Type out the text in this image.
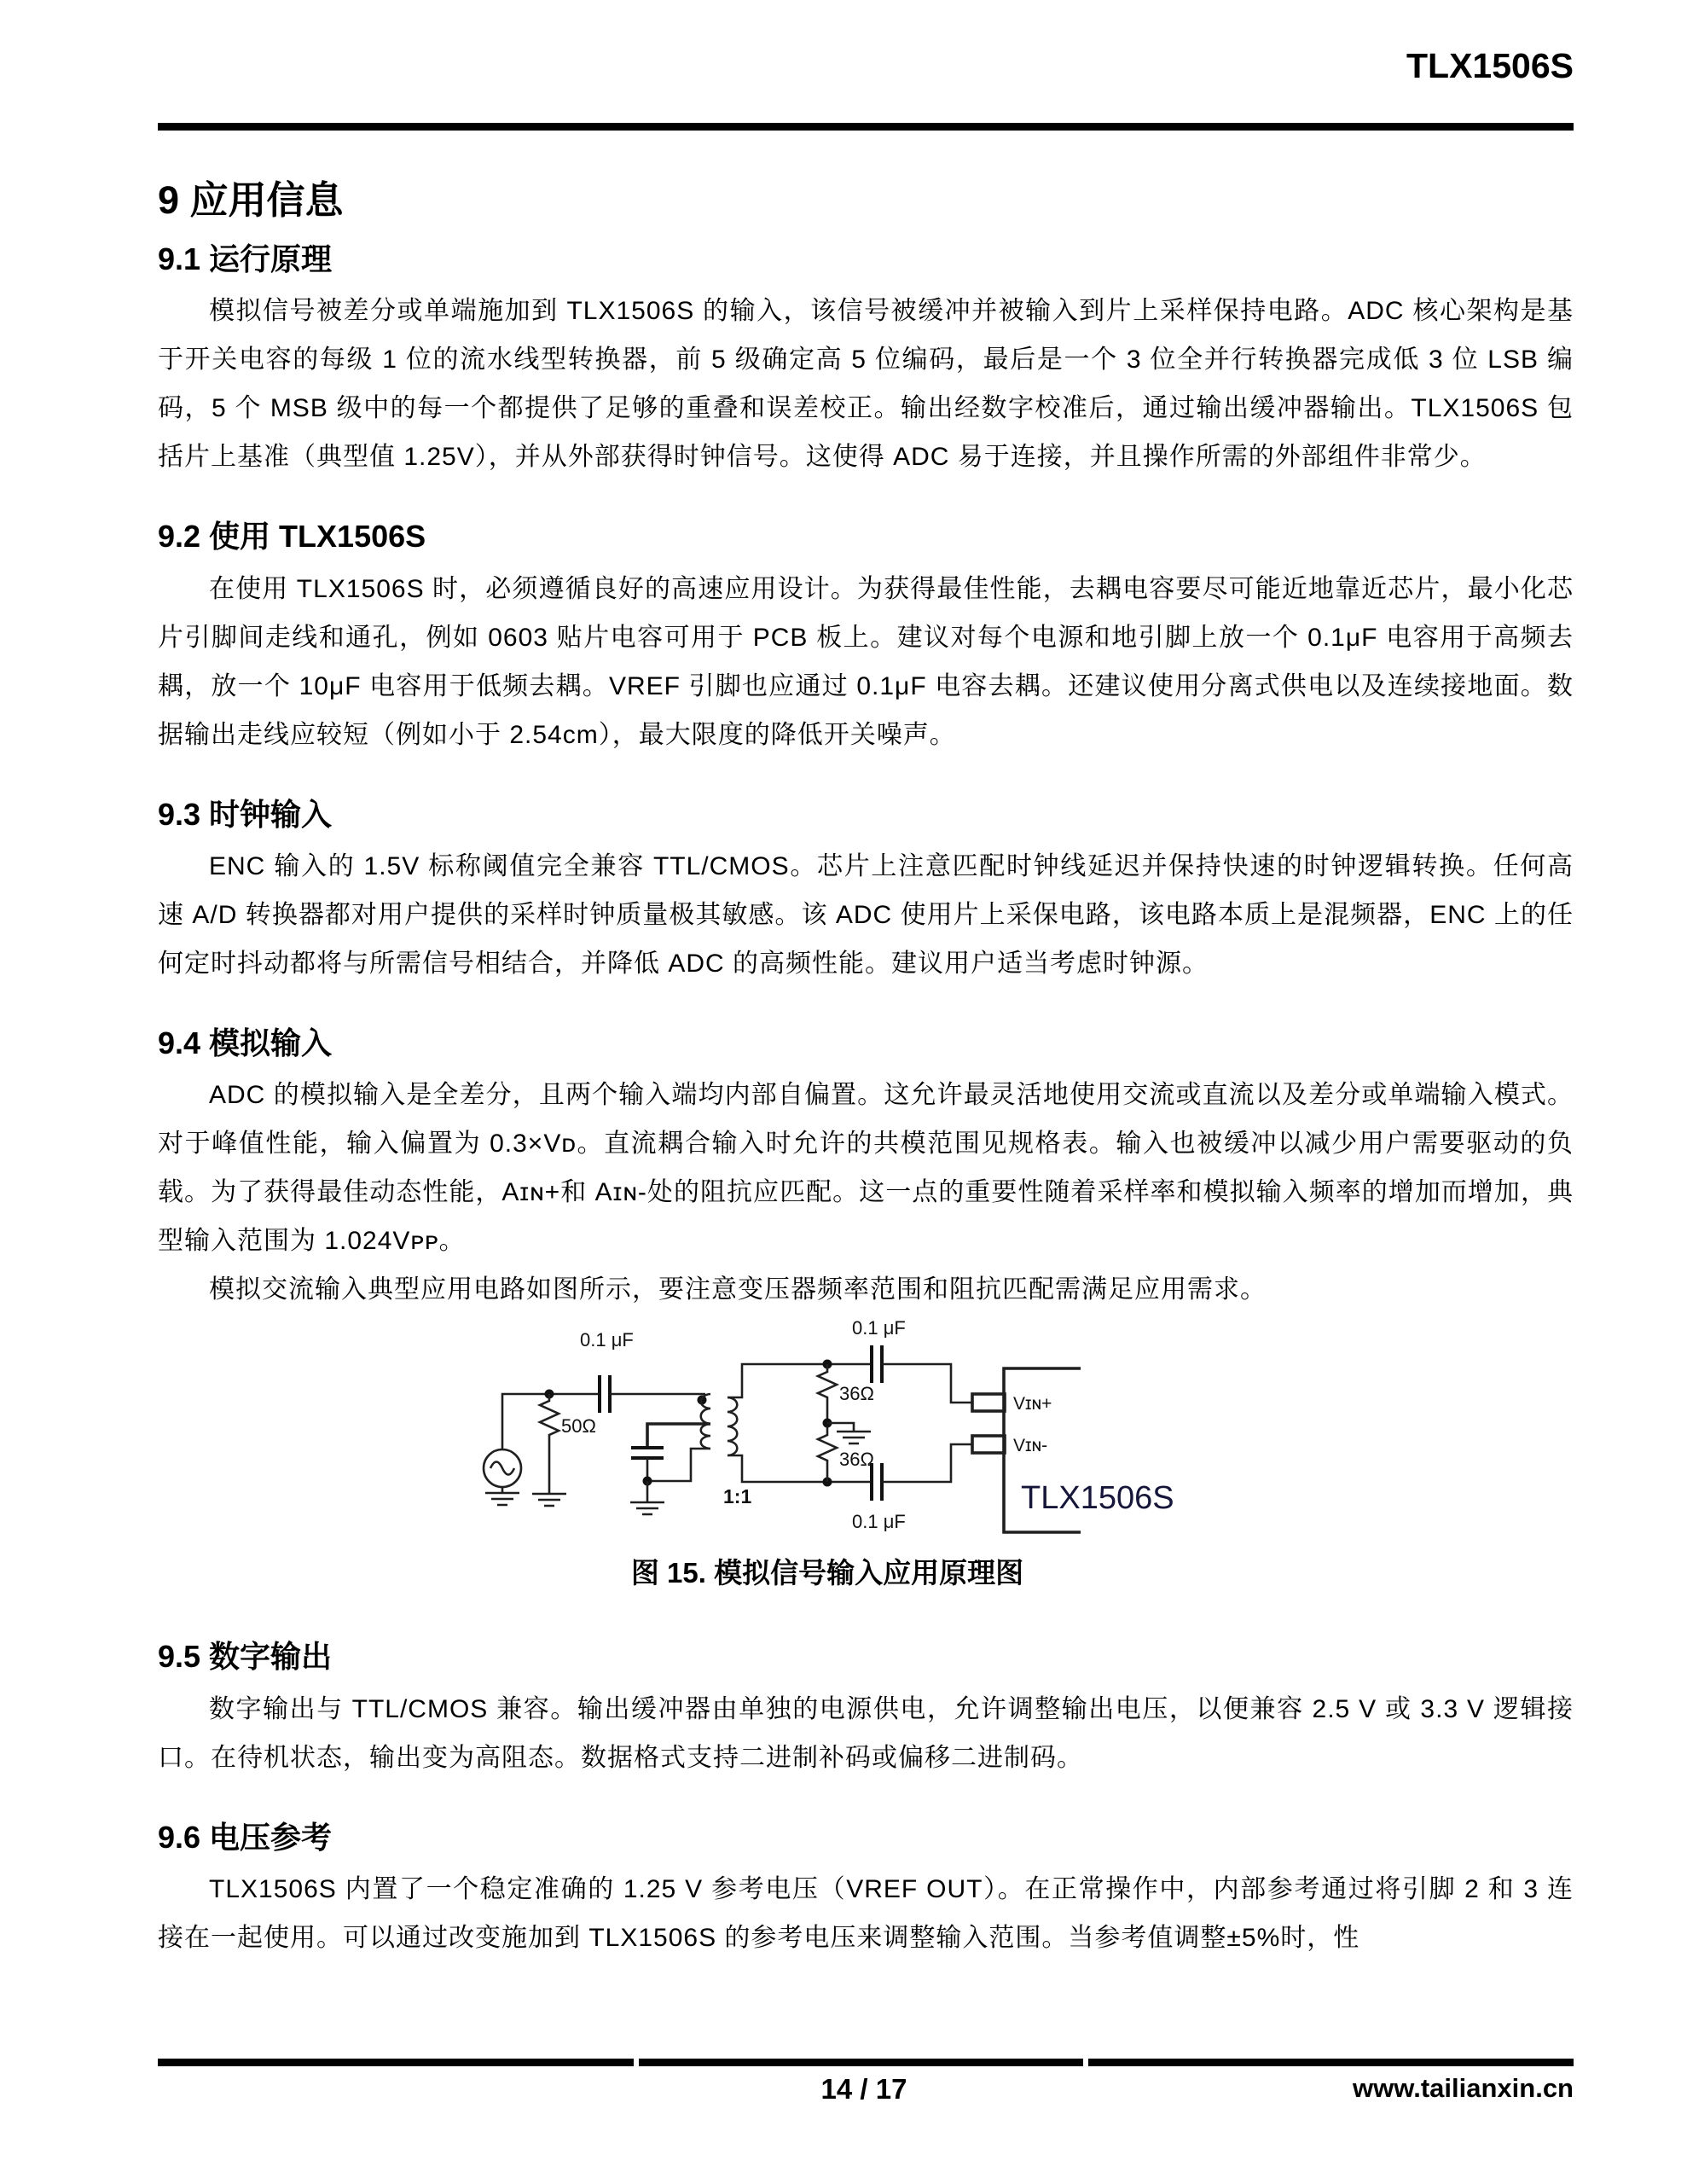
TLX1506S
9 应用信息
9.1 运行原理

模拟信号被差分或单端施加到 TLX1506S 的输入，该信号被缓冲并被输入到片上采样保持电路。ADC 核心架构是基于开关电容的每级 1 位的流水线型转换器，前 5 级确定高 5 位编码，最后是一个 3 位全并行转换器完成低 3 位 LSB 编码，5 个 MSB 级中的每一个都提供了足够的重叠和误差校正。输出经数字校准后，通过输出缓冲器输出。TLX1506S 包括片上基准（典型值 1.25V），并从外部获得时钟信号。这使得 ADC 易于连接，并且操作所需的外部组件非常少。

9.2 使用 TLX1506S

在使用 TLX1506S 时，必须遵循良好的高速应用设计。为获得最佳性能，去耦电容要尽可能近地靠近芯片，最小化芯片引脚间走线和通孔，例如 0603 贴片电容可用于 PCB 板上。建议对每个电源和地引脚上放一个 0.1μF 电容用于高频去耦，放一个 10μF 电容用于低频去耦。VREF 引脚也应通过 0.1μF 电容去耦。还建议使用分离式供电以及连续接地面。数据输出走线应较短（例如小于 2.54cm），最大限度的降低开关噪声。

9.3 时钟输入

ENC 输入的 1.5V 标称阈值完全兼容 TTL/CMOS。芯片上注意匹配时钟线延迟并保持快速的时钟逻辑转换。任何高速 A/D 转换器都对用户提供的采样时钟质量极其敏感。该 ADC 使用片上采保电路，该电路本质上是混频器，ENC 上的任何定时抖动都将与所需信号相结合，并降低 ADC 的高频性能。建议用户适当考虑时钟源。

9.4 模拟输入

ADC 的模拟输入是全差分，且两个输入端均内部自偏置。这允许最灵活地使用交流或直流以及差分或单端输入模式。对于峰值性能，输入偏置为 0.3×Vᴅ。直流耦合输入时允许的共模范围见规格表。输入也被缓冲以减少用户需要驱动的负载。为了获得最佳动态性能，Aɪɴ+和 Aɪɴ-处的阻抗应匹配。这一点的重要性随着采样率和模拟输入频率的增加而增加，典型输入范围为 1.024Vᴘᴘ。

模拟交流输入典型应用电路如图所示，要注意变压器频率范围和阻抗匹配需满足应用需求。

50Ω
0.1 μF
1:1
36Ω
36Ω
0.1 μF
0.1 μF
Vɪɴ+
Vɪɴ-
TLX1506S
图 15. 模拟信号输入应用原理图
9.5 数字输出

数字输出与 TTL/CMOS 兼容。输出缓冲器由单独的电源供电，允许调整输出电压，以便兼容 2.5 V 或 3.3 V 逻辑接口。在待机状态，输出变为高阻态。数据格式支持二进制补码或偏移二进制码。

9.6 电压参考

TLX1506S 内置了一个稳定准确的 1.25 V 参考电压（VREF OUT）。在正常操作中，内部参考通过将引脚 2 和 3 连接在一起使用。可以通过改变施加到 TLX1506S 的参考电压来调整输入范围。当参考值调整±5%时，性

14 / 17	www.tailianxin.cn
